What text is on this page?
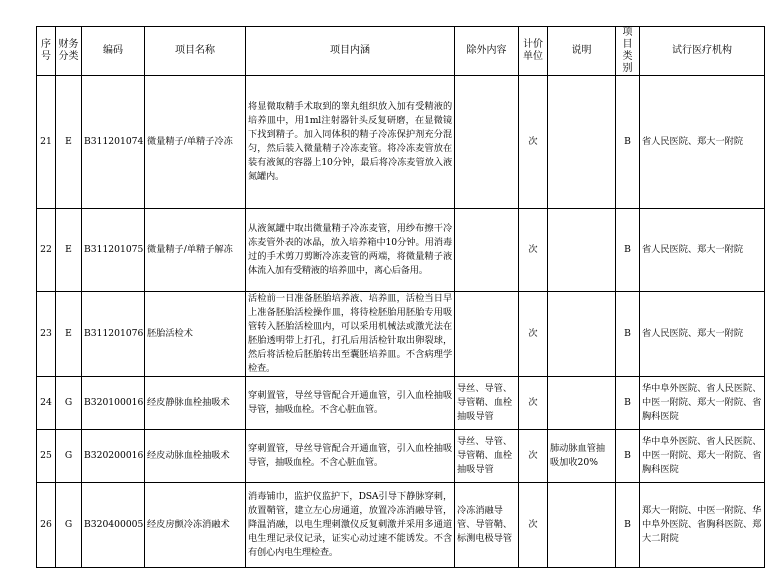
序号	财务分类	编码	项目名称	项目内涵	除外内容	计价单位	说明	项目类别	试行医疗机构
21	E	B311201074	微量精子/单精子冷冻	将显微取精手术取到的睾丸组织放入加有受精液的培养皿中，用1ml注射器针头反复研磨，在显微镜下找到精子。加入同体积的精子冷冻保护剂充分混匀，然后装入微量精子冷冻麦管。将冷冻麦管放在装有液氮的容器上10分钟，最后将冷冻麦管放入液氮罐内。		次		B	省人民医院、郑大一附院
22	E	B311201075	微量精子/单精子解冻	从液氮罐中取出微量精子冷冻麦管，用纱布擦干冷冻麦管外表的冰晶，放入培养箱中10分钟。用消毒过的手术剪刀剪断冷冻麦管的两端，将微量精子液体流入加有受精液的培养皿中，离心后备用。		次		B	省人民医院、郑大一附院
23	E	B311201076	胚胎活检术	活检前一日准备胚胎培养液、培养皿，活检当日早上准备胚胎活检操作皿，将待检胚胎用胚胎专用吸管转入胚胎活检皿内，可以采用机械法或激光法在胚胎透明带上打孔，打孔后用活检针取出卵裂球，然后将活检后胚胎转出至囊胚培养皿。不含病理学检查。		次		B	省人民医院、郑大一附院
24	G	B320100016	经皮静脉血栓抽吸术	穿刺置管，导丝导管配合开通血管，引入血栓抽吸导管，抽吸血栓。不含心脏血管。	导丝、导管、导管鞘、血栓抽吸导管	次		B	华中阜外医院、省人民医院、中医一附院、郑大一附院、省胸科医院
25	G	B320200016	经皮动脉血栓抽吸术	穿刺置管，导丝导管配合开通血管，引入血栓抽吸导管，抽吸血栓。不含心脏血管。	导丝、导管、导管鞘、血栓抽吸导管	次	肺动脉血管抽吸加收20%	B	华中阜外医院、省人民医院、中医一附院、郑大一附院、省胸科医院
26	G	B320400005	经皮房颤冷冻消融术	消毒铺巾，监护仪监护下，DSA引导下静脉穿刺，放置鞘管，建立左心房通道，放置冷冻消融导管，降温消融，以电生理刺激仪反复刺激并采用多通道电生理记录仪记录，证实心动过速不能诱发。不含有创心内电生理检查。	冷冻消融导管、导管鞘、标测电极导管	次		B	郑大一附院、中医一附院、华中阜外医院、省胸科医院、郑大二附院
